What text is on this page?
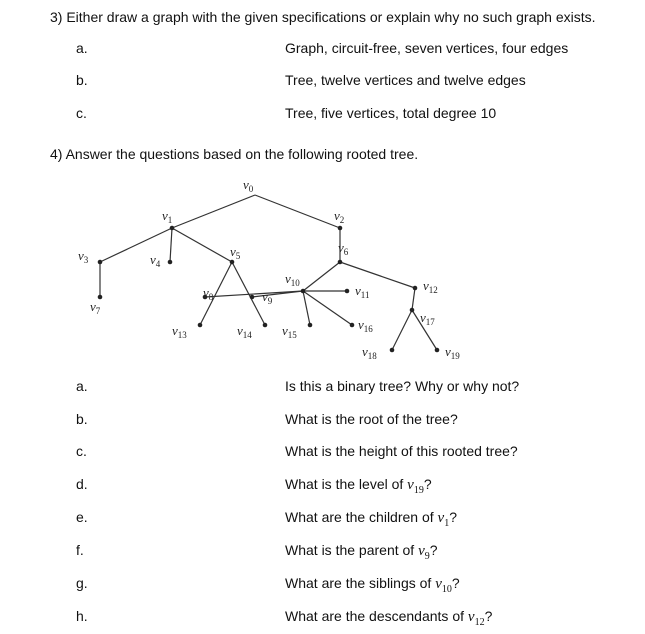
3) Either draw a graph with the given specifications or explain why no such graph exists.
a.	Graph, circuit-free, seven vertices, four edges
b.	Tree, twelve vertices and twelve edges
c.	Tree, five vertices, total degree 10
4) Answer the questions based on the following rooted tree.
$v_0$
$v_1$	$v_2$
$v_3$	$v_4$
$v_5$
$v_6$
$v_7$
$v_8$	$v_9$
$v_{10}$	$v_{11}$
$v_{12}$
$v_{13}$	$v_{14}$ $v_{15}$
$v_{16}$
$v_{17}$
$v_{18}$	$v_{19}$
a.	Is this a binary tree? Why or why not?
b.	What is the root of the tree?
c.	What is the height of this rooted tree?
d.	What is the level of $v_{19}$?
e.	What are the children of $v_1$?
f.	What is the parent of $v_9$?
g.	What are the siblings of $v_{10}$?
h.	What are the descendants of $v_{12}$?
